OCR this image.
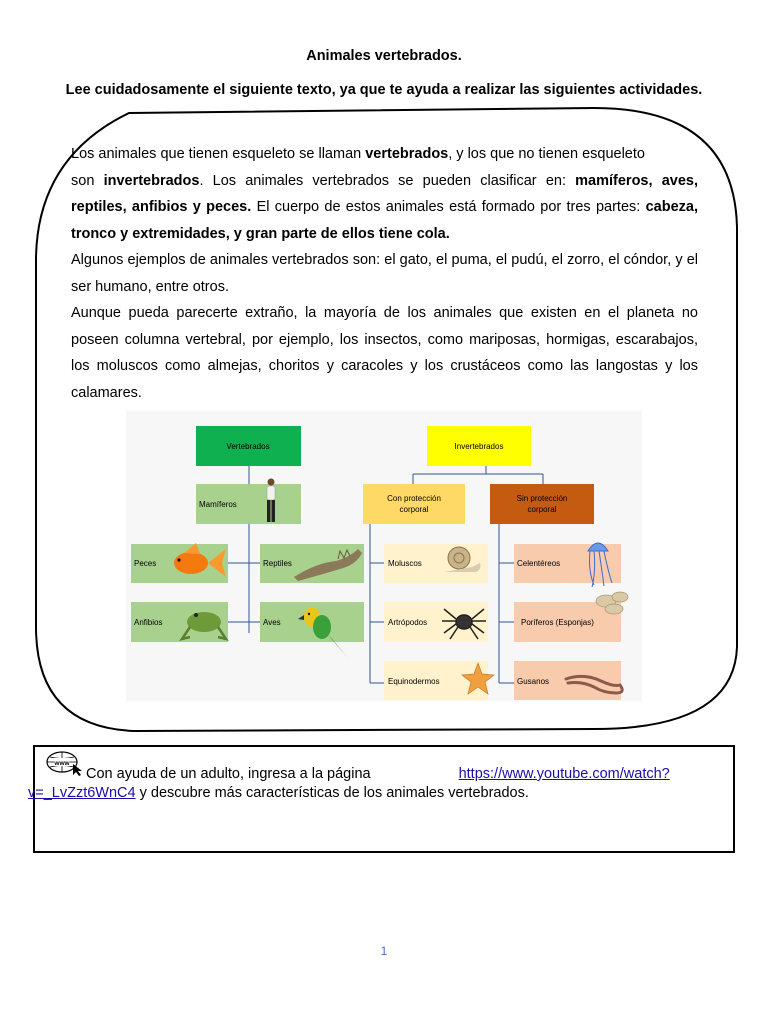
Animales vertebrados.
Lee cuidadosamente el siguiente texto, ya que te ayuda a realizar las siguientes actividades.

Los animales que tienen esqueleto se llaman vertebrados, y los que no tienen esqueleto

son invertebrados. Los animales vertebrados se pueden clasificar en: mamíferos, aves, reptiles, anfibios y peces. El cuerpo de estos animales está formado por tres partes: cabeza, tronco y extremidades, y gran parte de ellos tiene cola.

Algunos ejemplos de animales vertebrados son: el gato, el puma, el pudú, el zorro, el cóndor, y el ser humano, entre otros.

Aunque pueda parecerte extraño, la mayoría de los animales que existen en el planeta no poseen columna vertebral, por ejemplo, los insectos, como mariposas, hormigas, escarabajos, los moluscos como almejas, choritos y caracoles y los crustáceos como las langostas y los calamares.

Vertebrados	Invertebrados
Mamíferos
Peces	Reptiles
Anfibios	Aves
Con protección
corporal
Sin protección
corporal
Moluscos
Artrópodos
Equinodermos
Celentéreos
Poríferos (Esponjas)
Gusanos
www
Con ayuda de un adulto, ingresa a la página	https://www.youtube.com/watch?
v=_LvZzt6WnC4 y descubre más características de los animales vertebrados.
1
